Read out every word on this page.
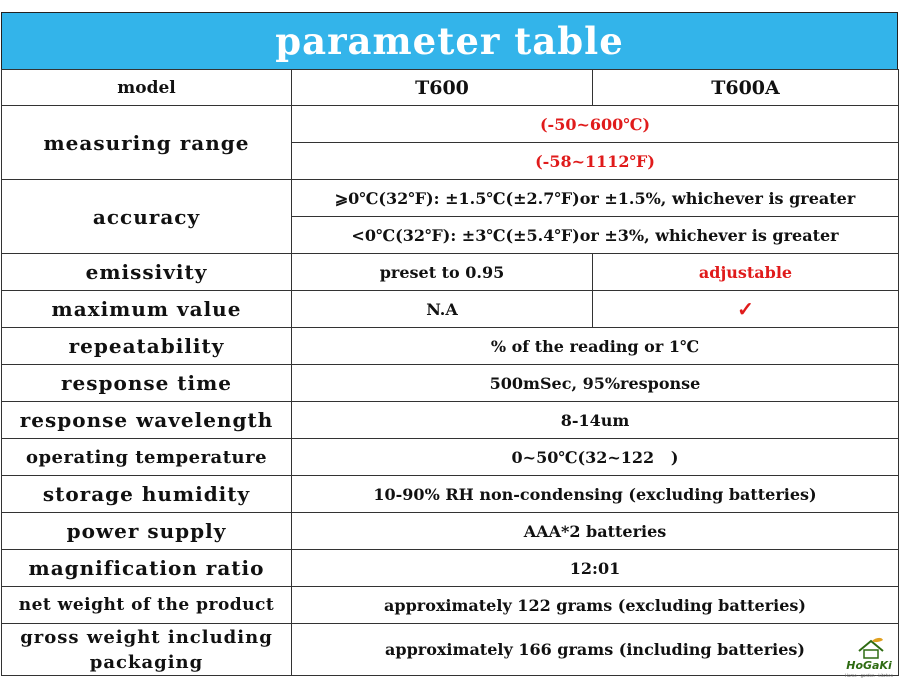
parameter table
model	T600	T600A
measuring range	(-50~600℃)	
	(-58~1112℉)	
accuracy	⩾0℃(32℉): ±1.5℃(±2.7℉)or ±1.5%, whichever is greater	
	<0℃(32℉): ±3℃(±5.4℉)or ±3%, whichever is greater	
emissivity	preset to 0.95	adjustable
maximum value	N.A	✓
repeatability	% of the reading or 1℃	
response time	500mSec, 95%response	
response wavelength	8-14um	
operating temperature	0~50℃(32~122   )	
storage humidity	10-90% RH non-condensing (excluding batteries)	
power supply	AAA*2 batteries	
magnification ratio	12:01	
net weight of the product	approximately 122 grams (excluding batteries)	

gross weight including
packaging	approximately 166 grams (including batteries)	
HoGaKi
Home · garden · kitchen
